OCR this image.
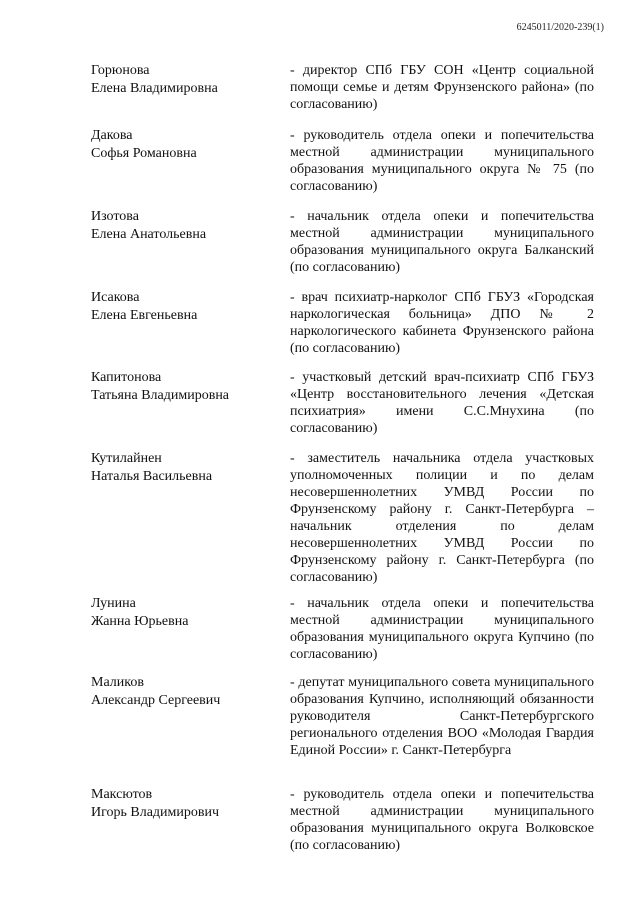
6245011/2020-239(1)
Горюнова
Елена Владимировна
- директор СПб ГБУ СОН «Центр социальной помощи семье и детям Фрунзенского района» (по согласованию)
Дакова
Софья Романовна
- руководитель отдела опеки и попечительства местной администрации муниципального образования муниципального округа № 75 (по согласованию)
Изотова
Елена Анатольевна
- начальник отдела опеки и попечительства местной администрации муниципального образования муниципального округа Балканский (по согласованию)
Исакова
Елена Евгеньевна
- врач психиатр-нарколог СПб ГБУЗ «Городская наркологическая больница» ДПО № 2 наркологического кабинета Фрунзенского района (по согласованию)
Капитонова
Татьяна Владимировна
- участковый детский врач-психиатр СПб ГБУЗ «Центр восстановительного лечения «Детская психиатрия» имени С.С.Мнухина (по согласованию)
Кутилайнен
Наталья Васильевна
- заместитель начальника отдела участковых уполномоченных полиции и по делам несовершеннолетних УМВД России по Фрунзенскому району г. Санкт-Петербурга – начальник отделения по делам несовершеннолетних УМВД России по Фрунзенскому району г. Санкт-Петербурга (по согласованию)
Лунина
Жанна Юрьевна
- начальник отдела опеки и попечительства местной администрации муниципального образования муниципального округа Купчино (по согласованию)
Маликов
Александр Сергеевич
- депутат муниципального совета муниципального образования Купчино, исполняющий обязанности руководителя Санкт-Петербургского регионального отделения ВОО «Молодая Гвардия Единой России» г. Санкт-Петербурга
Максютов
Игорь Владимирович
- руководитель отдела опеки и попечительства местной администрации муниципального образования муниципального округа Волковское (по согласованию)
